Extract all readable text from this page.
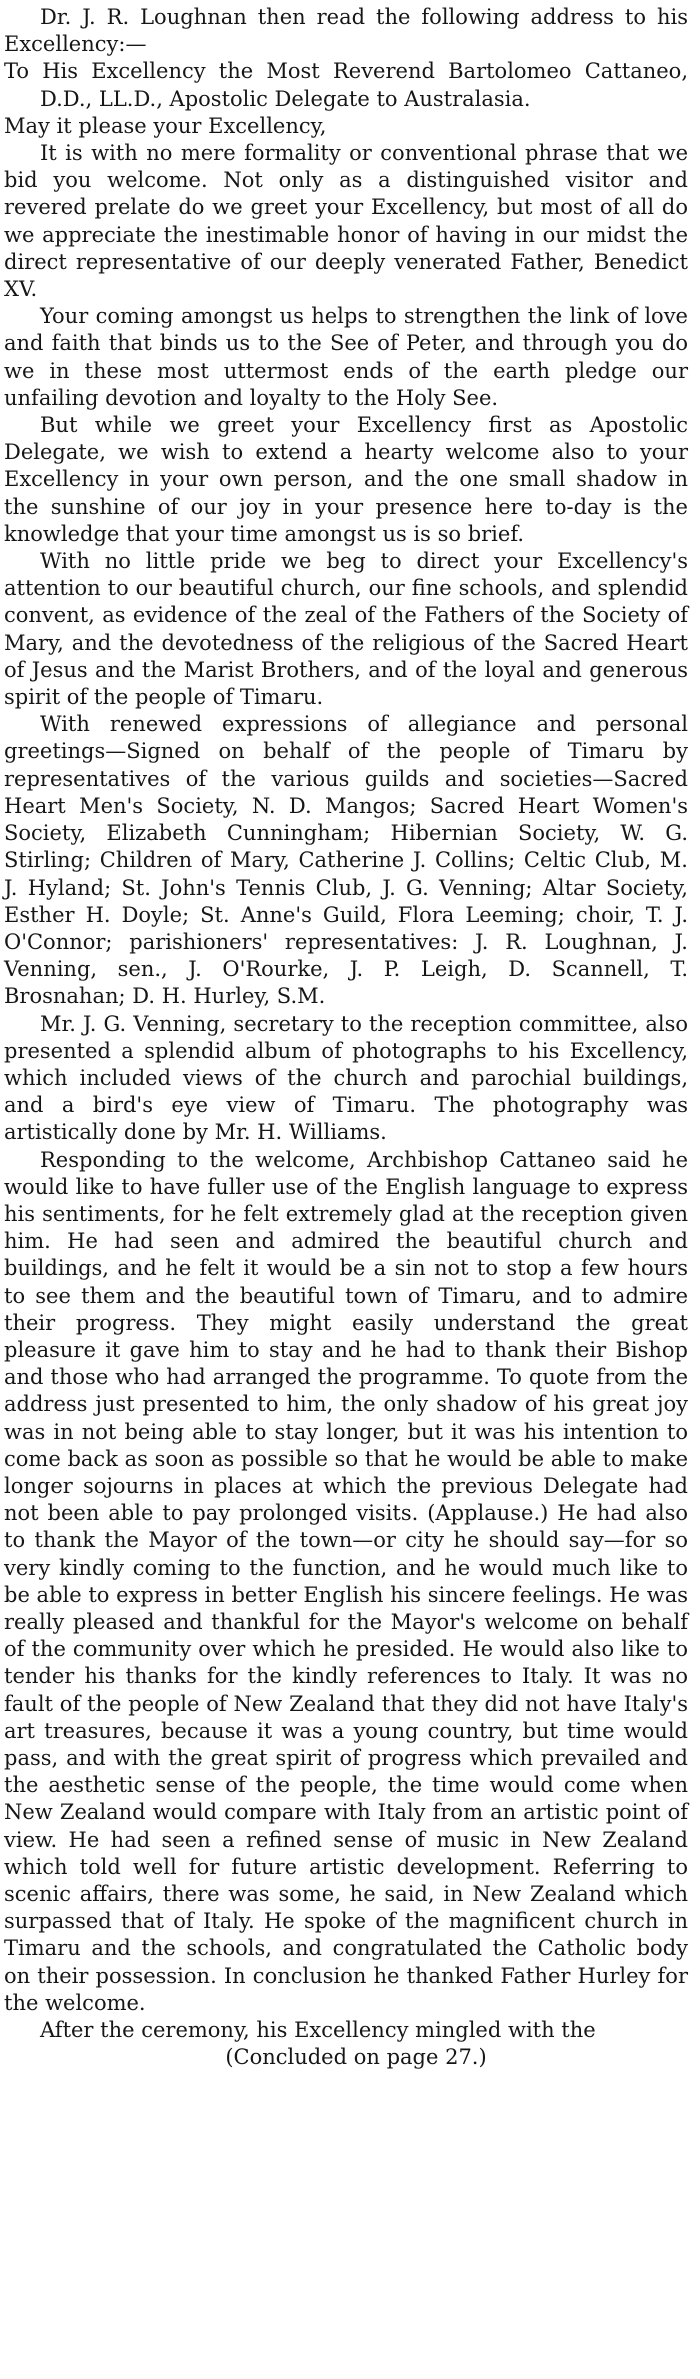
Dr. J. R. Loughnan then read the following address to his Excellency:—

To His Excellency the Most Reverend Bartolomeo Cattaneo, D.D., LL.D., Apostolic Delegate to Australasia.

May it please your Excellency,

It is with no mere formality or conventional phrase that we bid you welcome. Not only as a distinguished visitor and revered prelate do we greet your Excellency, but most of all do we appreciate the inestimable honor of having in our midst the direct representative of our deeply venerated Father, Benedict XV.

Your coming amongst us helps to strengthen the link of love and faith that binds us to the See of Peter, and through you do we in these most uttermost ends of the earth pledge our unfailing devotion and loyalty to the Holy See.

But while we greet your Excellency first as Apostolic Delegate, we wish to extend a hearty welcome also to your Excellency in your own person, and the one small shadow in the sunshine of our joy in your presence here to-day is the knowledge that your time amongst us is so brief.

With no little pride we beg to direct your Excellency's attention to our beautiful church, our fine schools, and splendid convent, as evidence of the zeal of the Fathers of the Society of Mary, and the devotedness of the religious of the Sacred Heart of Jesus and the Marist Brothers, and of the loyal and generous spirit of the people of Timaru.

With renewed expressions of allegiance and personal greetings—Signed on behalf of the people of Timaru by representatives of the various guilds and societies—Sacred Heart Men's Society, N. D. Mangos; Sacred Heart Women's Society, Elizabeth Cunningham; Hibernian Society, W. G. Stirling; Children of Mary, Catherine J. Collins; Celtic Club, M. J. Hyland; St. John's Tennis Club, J. G. Venning; Altar Society, Esther H. Doyle; St. Anne's Guild, Flora Leeming; choir, T. J. O'Connor; parishioners' representatives: J. R. Loughnan, J. Venning, sen., J. O'Rourke, J. P. Leigh, D. Scannell, T. Brosnahan; D. H. Hurley, S.M.

Mr. J. G. Venning, secretary to the reception committee, also presented a splendid album of photographs to his Excellency, which included views of the church and parochial buildings, and a bird's eye view of Timaru. The photography was artistically done by Mr. H. Williams.

Responding to the welcome, Archbishop Cattaneo said he would like to have fuller use of the English language to express his sentiments, for he felt extremely glad at the reception given him. He had seen and admired the beautiful church and buildings, and he felt it would be a sin not to stop a few hours to see them and the beautiful town of Timaru, and to admire their progress. They might easily understand the great pleasure it gave him to stay and he had to thank their Bishop and those who had arranged the programme. To quote from the address just presented to him, the only shadow of his great joy was in not being able to stay longer, but it was his intention to come back as soon as possible so that he would be able to make longer sojourns in places at which the previous Delegate had not been able to pay prolonged visits. (Applause.) He had also to thank the Mayor of the town—or city he should say—for so very kindly coming to the function, and he would much like to be able to express in better English his sincere feelings. He was really pleased and thankful for the Mayor's welcome on behalf of the community over which he presided. He would also like to tender his thanks for the kindly references to Italy. It was no fault of the people of New Zealand that they did not have Italy's art treasures, because it was a young country, but time would pass, and with the great spirit of progress which prevailed and the aesthetic sense of the people, the time would come when New Zealand would compare with Italy from an artistic point of view. He had seen a refined sense of music in New Zealand which told well for future artistic development. Referring to scenic affairs, there was some, he said, in New Zealand which surpassed that of Italy. He spoke of the magnificent church in Timaru and the schools, and congratulated the Catholic body on their possession. In conclusion he thanked Father Hurley for the welcome.

After the ceremony, his Excellency mingled with the

(Concluded on page 27.)
